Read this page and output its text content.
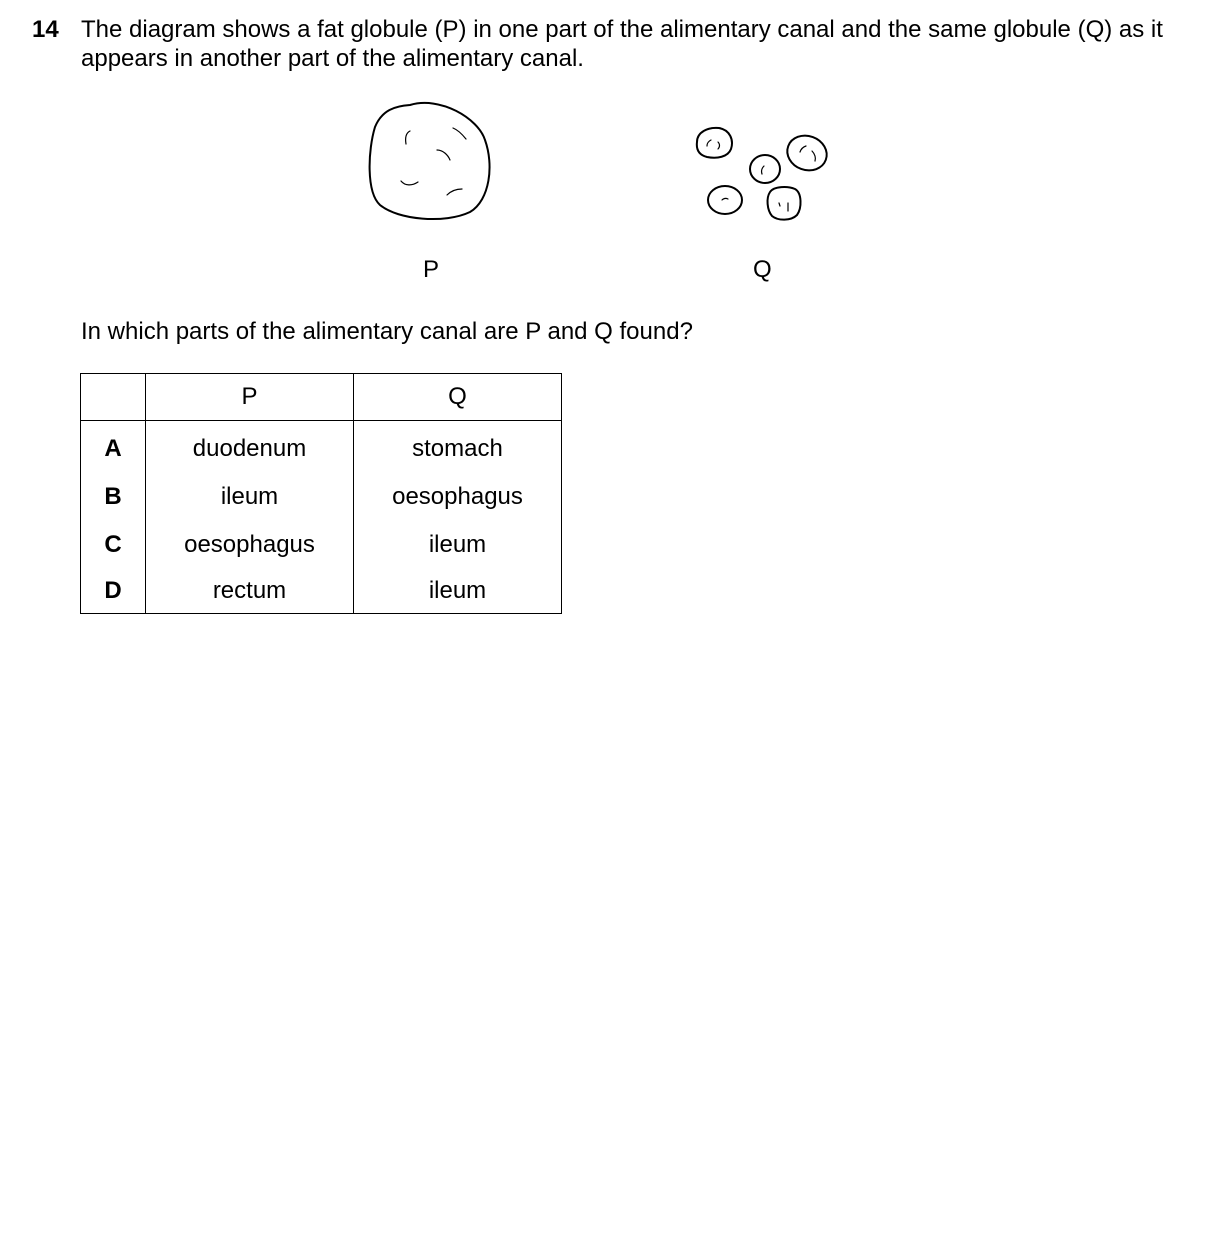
14 The diagram shows a fat globule (P) in one part of the alimentary canal and the same globule (Q) as it appears in another part of the alimentary canal.
P	Q
In which parts of the alimentary canal are P and Q found?
	P	Q
A	duodenum	stomach
B	ileum	oesophagus
C	oesophagus	ileum
D	rectum	ileum
